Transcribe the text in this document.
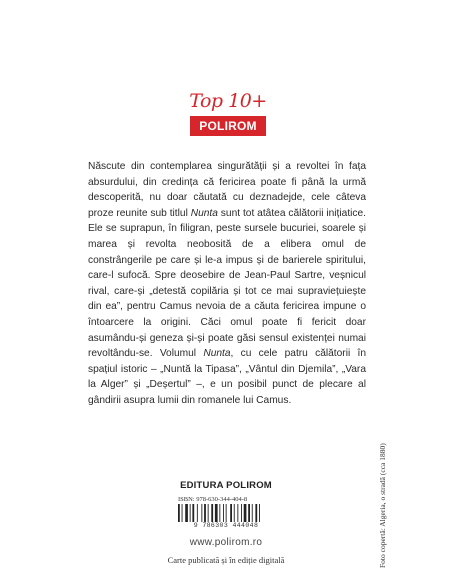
Top 10+
POLIROM

Născute din contemplarea singurătății și a revoltei în fața absurdului, din credința că fericirea poate fi până la urmă descoperită, nu doar căutată cu deznadejde, cele câteva proze reunite sub titlul Nunta sunt tot atâtea călătorii inițiatice. Ele se suprapun, în filigran, peste sursele bucuriei, soarele și marea și revolta neobosită de a elibera omul de constrângerile pe care și le-a impus și de barierele spiritului, care-l sufocă. Spre deosebire de Jean-Paul Sartre, veșnicul rival, care-și „detestă copilăria și tot ce mai supraviețuiește din ea”, pentru Camus nevoia de a căuta fericirea impune o întoarcere la origini. Căci omul poate fi fericit doar asumându-și geneza și-și poate găsi sensul existenței numai revoltându-se. Volumul Nunta, cu cele patru călătorii în spațiul istoric – „Nuntă la Tipasa”, „Vântul din Djemila”, „Vara la Alger” și „Deșertul” –, e un posibil punct de plecare al gândirii asupra lumii din romanele lui Camus.

EDITURA POLIROM
ISBN: 978-630-344-404-8
9 786303 444048
www.polirom.ro
Carte publicată și în ediție digitală	Foto copertă: Algeria, o stradă (cca 1880)
